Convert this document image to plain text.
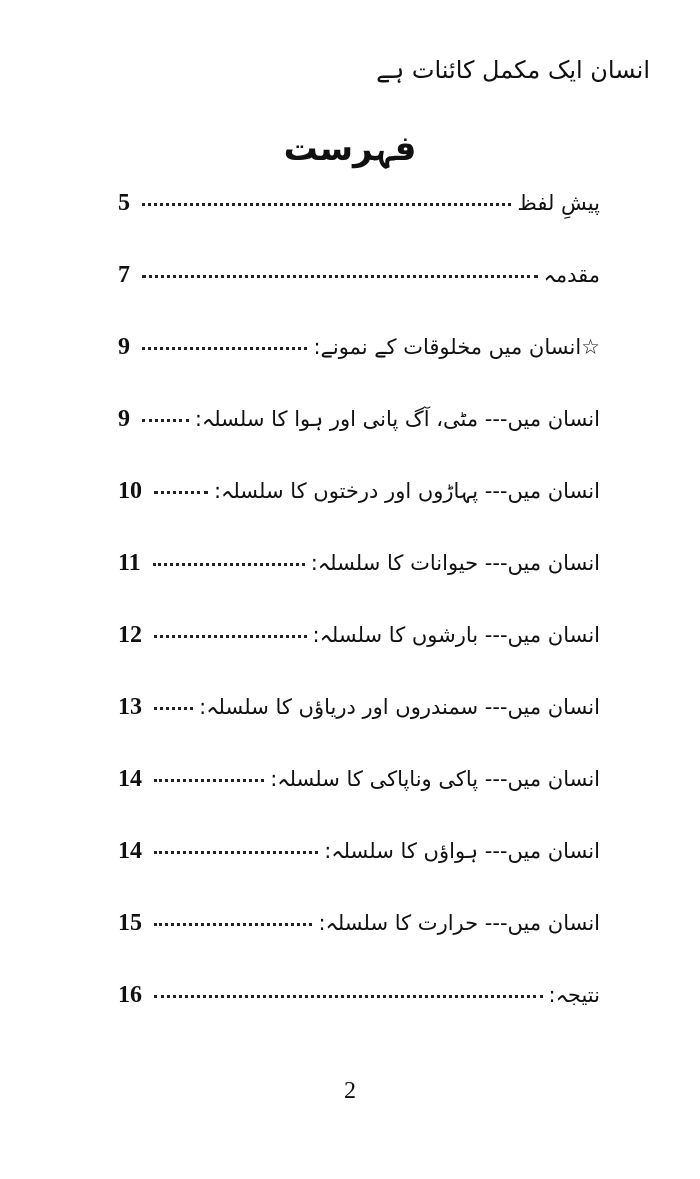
انسان ایک مکمل کائنات ہے
فہرست
5	پیشِ لفظ
7	مقدمہ
9	☆انسان میں مخلوقات کے نمونے:
9	انسان میں--- مٹی، آگ پانی اور ہوا کا سلسلہ:
10	انسان میں--- پہاڑوں اور درختوں کا سلسلہ:
11	انسان میں--- حیوانات کا سلسلہ:
12	انسان میں--- بارشوں کا سلسلہ:
13	انسان میں--- سمندروں اور دریاؤں کا سلسلہ:
14	انسان میں--- پاکی وناپاکی کا سلسلہ:
14	انسان میں--- ہواؤں کا سلسلہ:
15	انسان میں--- حرارت کا سلسلہ:
16	نتیجہ:
2
